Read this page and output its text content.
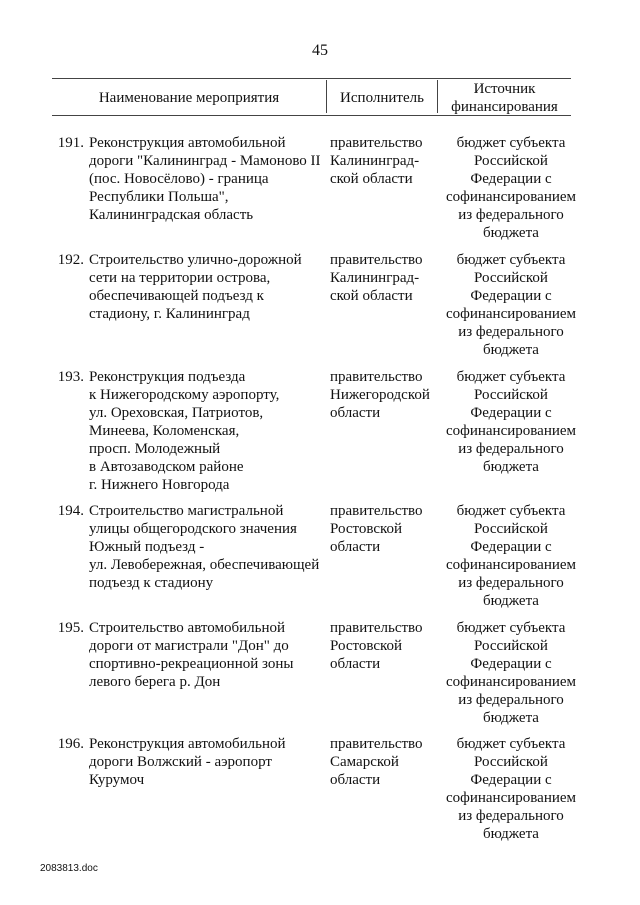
45
Наименование мероприятия	Исполнитель
Источник
финансирования
191. Реконструкция автомобильной
дороги "Калининград - Мамоново II
(пос. Новосёлово) - граница
Республики Польша",
Калининградская область
правительство
Калининград-
ской области
бюджет субъекта
Российской
Федерации с
софинансированием
из федерального
бюджета
192. Строительство улично-дорожной
сети на территории острова,
обеспечивающей подъезд к
стадиону, г. Калининград
правительство
Калининград-
ской области
бюджет субъекта
Российской
Федерации с
софинансированием
из федерального
бюджета
193. Реконструкция подъезда
к Нижегородскому аэропорту,
ул. Ореховская, Патриотов,
Минеева, Коломенская,
просп. Молодежный
в Автозаводском районе
г. Нижнего Новгорода
правительство
Нижегородской
области
бюджет субъекта
Российской
Федерации с
софинансированием
из федерального
бюджета
194. Строительство магистральной
улицы общегородского значения
Южный подъезд -
ул. Левобережная, обеспечивающей
подъезд к стадиону
правительство
Ростовской
области
бюджет субъекта
Российской
Федерации с
софинансированием
из федерального
бюджета
195. Строительство автомобильной
дороги от магистрали "Дон" до
спортивно-рекреационной зоны
левого берега р. Дон
правительство
Ростовской
области
бюджет субъекта
Российской
Федерации с
софинансированием
из федерального
бюджета
196. Реконструкция автомобильной
дороги Волжский - аэропорт
Курумоч
правительство
Самарской
области
бюджет субъекта
Российской
Федерации с
софинансированием
из федерального
бюджета
2083813.doc
